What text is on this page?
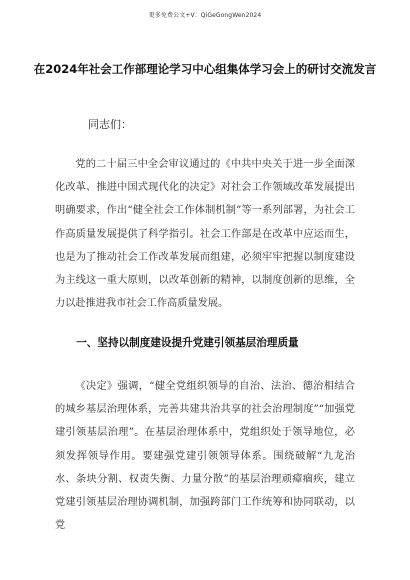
更多免费公文+V：QiGeGongWen2024
在2024年社会工作部理论学习中心组集体学习会上的研讨交流发言
同志们：
党的二十届三中全会审议通过的《中共中央关于进一步全面深化改革、推进中国式现代化的决定》对社会工作领域改革发展提出明确要求，作出“健全社会工作体制机制”等一系列部署，为社会工作高质量发展提供了科学指引。社会工作部是在改革中应运而生，也是为了推动社会工作改革发展而组建，必须牢牢把握以制度建设为主线这一重大原则，以改革创新的精神，以制度创新的思维，全力以赴推进我市社会工作高质量发展。
一、坚持以制度建设提升党建引领基层治理质量
《决定》强调，“健全党组织领导的自治、法治、德治相结合的城乡基层治理体系，完善共建共治共享的社会治理制度”“加强党建引领基层治理”。在基层治理体系中，党组织处于领导地位，必须发挥领导作用。要建强党建引领领导体系。围绕破解“九龙治水、条块分割、权责失衡、力量分散”的基层治理顽瘴痼疾，建立党建引领基层治理协调机制，加强跨部门工作统筹和协同联动，以党
